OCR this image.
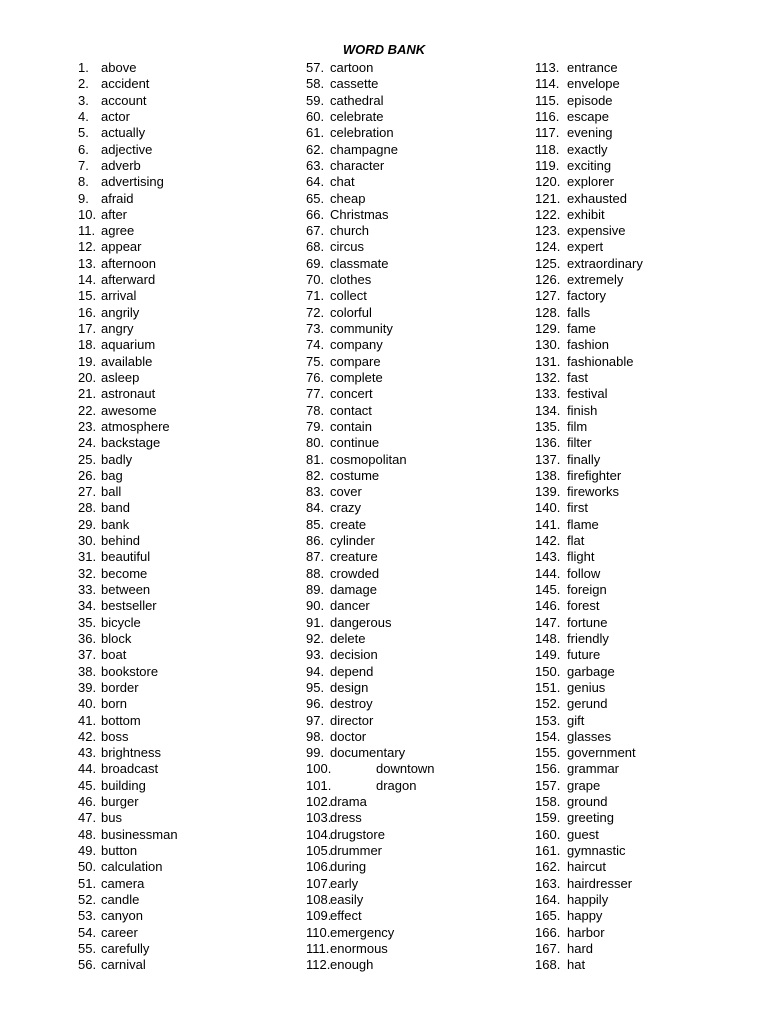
WORD BANK
1. above
2. accident
3. account
4. actor
5. actually
6. adjective
7. adverb
8. advertising
9. afraid
10. after
11. agree
12. appear
13. afternoon
14. afterward
15. arrival
16. angrily
17. angry
18. aquarium
19. available
20. asleep
21. astronaut
22. awesome
23. atmosphere
24. backstage
25. badly
26. bag
27. ball
28. band
29. bank
30. behind
31. beautiful
32. become
33. between
34. bestseller
35. bicycle
36. block
37. boat
38. bookstore
39. border
40. born
41. bottom
42. boss
43. brightness
44. broadcast
45. building
46. burger
47. bus
48. businessman
49. button
50. calculation
51. camera
52. candle
53. canyon
54. career
55. carefully
56. carnival
57. cartoon
58. cassette
59. cathedral
60. celebrate
61. celebration
62. champagne
63. character
64. chat
65. cheap
66. Christmas
67. church
68. circus
69. classmate
70. clothes
71. collect
72. colorful
73. community
74. company
75. compare
76. complete
77. concert
78. contact
79. contain
80. continue
81. cosmopolitan
82. costume
83. cover
84. crazy
85. create
86. cylinder
87. creature
88. crowded
89. damage
90. dancer
91. dangerous
92. delete
93. decision
94. depend
95. design
96. destroy
97. director
98. doctor
99. documentary
100.	downtown
101.	dragon
102.
drama
103.
dress
104.
drugstore
105.
drummer
106.
during
107.
early
108.
easily
109.
effect
110. emergency
111. enormous
112. enough
113. entrance
114. envelope
115. episode
116. escape
117. evening
118. exactly
119. exciting
120. explorer
121. exhausted
122. exhibit
123. expensive
124. expert
125. extraordinary
126. extremely
127. factory
128. falls
129. fame
130. fashion
131. fashionable
132. fast
133. festival
134. finish
135. film
136. filter
137. finally
138. firefighter
139. fireworks
140. first
141. flame
142. flat
143. flight
144. follow
145. foreign
146. forest
147. fortune
148. friendly
149. future
150. garbage
151. genius
152. gerund
153. gift
154. glasses
155. government
156. grammar
157. grape
158. ground
159. greeting
160. guest
161. gymnastic
162. haircut
163. hairdresser
164. happily
165. happy
166. harbor
167. hard
168. hat
